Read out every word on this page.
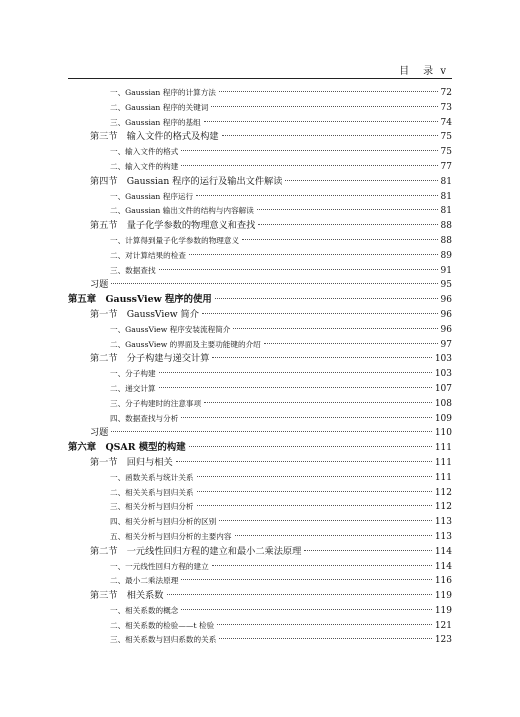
目　录 v
一、Gaussian 程序的计算方法	72
二、Gaussian 程序的关键词	73
三、Gaussian 程序的基组	74
第三节　输入文件的格式及构建	75
一、输入文件的格式	75
二、输入文件的构建	77
第四节　Gaussian 程序的运行及输出文件解读	81
一、Gaussian 程序运行	81
二、Gaussian 输出文件的结构与内容解读	81
第五节　量子化学参数的物理意义和查找	88
一、计算得到量子化学参数的物理意义	88
二、对计算结果的检查	89
三、数据查找	91
习题	95
第五章　GaussView 程序的使用	96
第一节　GaussView 简介	96
一、GaussView 程序安装流程简介	96
二、GaussView 的界面及主要功能键的介绍	97
第二节　分子构建与递交计算	103
一、分子构建	103
二、递交计算	107
三、分子构建时的注意事项	108
四、数据查找与分析	109
习题	110
第六章　QSAR 模型的构建	111
第一节　回归与相关	111
一、函数关系与统计关系	111
二、相关关系与回归关系	112
三、相关分析与回归分析	112
四、相关分析与回归分析的区别	113
五、相关分析与回归分析的主要内容	113
第二节　一元线性回归方程的建立和最小二乘法原理	114
一、一元线性回归方程的建立	114
二、最小二乘法原理	116
第三节　相关系数	119
一、相关系数的概念	119
二、相关系数的检验——t 检验	121
三、相关系数与回归系数的关系	123
